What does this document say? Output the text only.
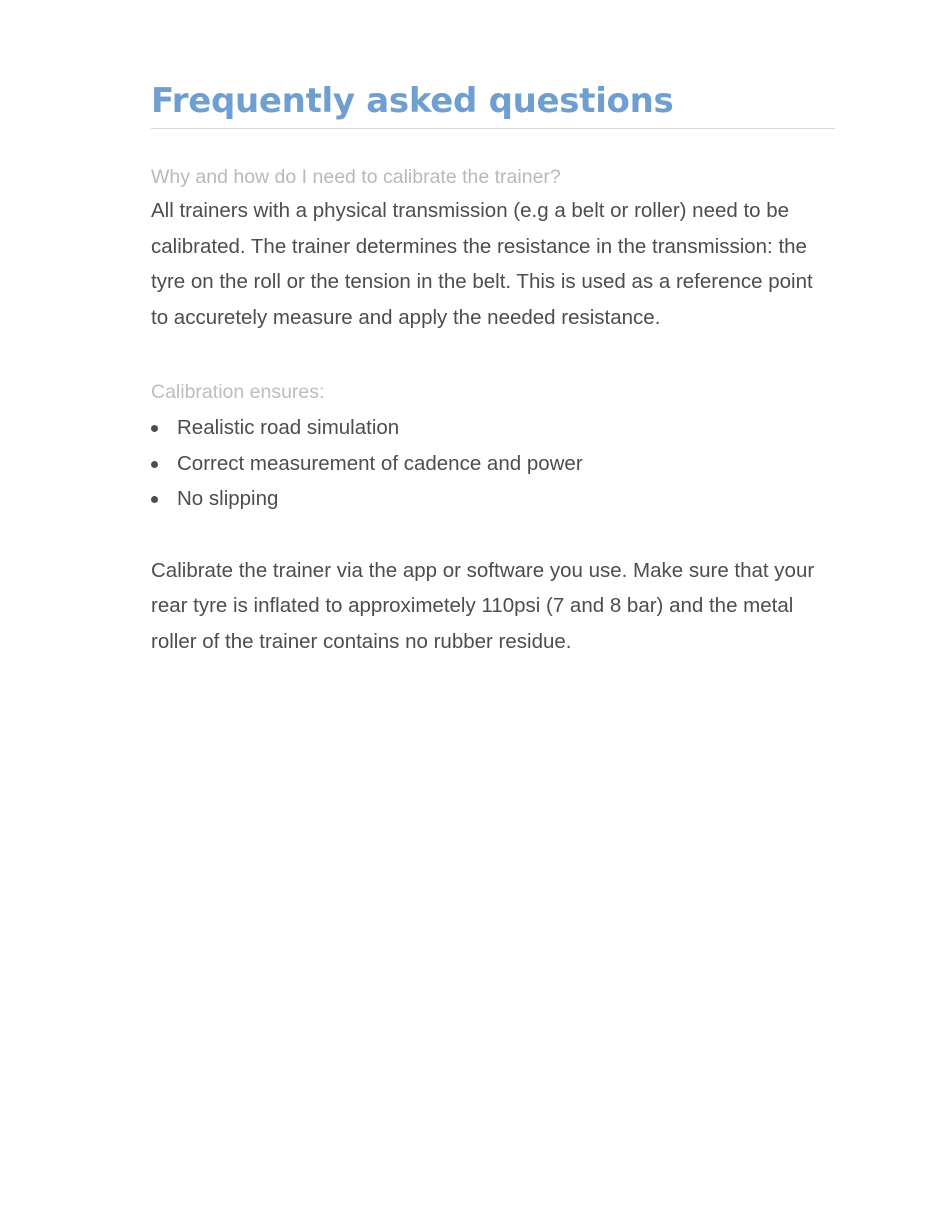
Frequently asked questions
Why and how do I need to calibrate the trainer?

All trainers with a physical transmission (e.g a belt or roller) need to be calibrated. The trainer determines the resistance in the transmission: the tyre on the roll or the tension in the belt. This is used as a reference point to accuretely measure and apply the needed resistance.

Calibration ensures:
Realistic road simulation
Correct measurement of cadence and power
No slipping

Calibrate the trainer via the app or software you use. Make sure that your rear tyre is inflated to approximetely 110psi (7 and 8 bar) and the metal roller of the trainer contains no rubber residue.
